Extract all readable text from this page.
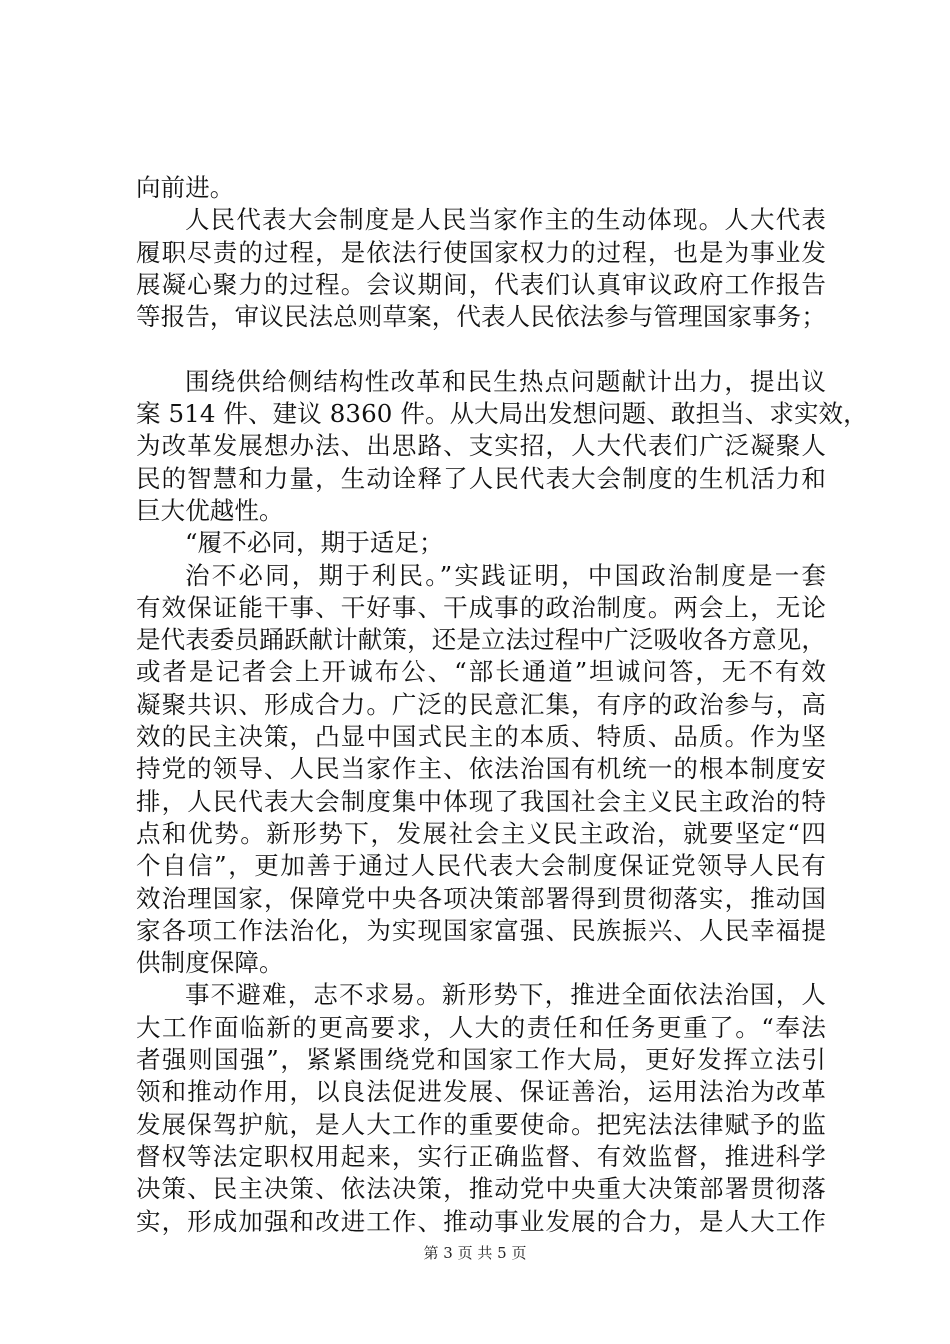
向前进。
人民代表大会制度是人民当家作主的生动体现。人大代表
履职尽责的过程，是依法行使国家权力的过程，也是为事业发
展凝心聚力的过程。会议期间，代表们认真审议政府工作报告
等报告，审议民法总则草案，代表人民依法参与管理国家事务；
围绕供给侧结构性改革和民生热点问题献计出力，提出议
案 514 件、建议 8360 件。从大局出发想问题、敢担当、求实效，
为改革发展想办法、出思路、支实招，人大代表们广泛凝聚人
民的智慧和力量，生动诠释了人民代表大会制度的生机活力和
巨大优越性。
“履不必同，期于适足；
治不必同，期于利民。”实践证明，中国政治制度是一套
有效保证能干事、干好事、干成事的政治制度。两会上，无论
是代表委员踊跃献计献策，还是立法过程中广泛吸收各方意见，
或者是记者会上开诚布公、“部长通道”坦诚问答，无不有效
凝聚共识、形成合力。广泛的民意汇集，有序的政治参与，高
效的民主决策，凸显中国式民主的本质、特质、品质。作为坚
持党的领导、人民当家作主、依法治国有机统一的根本制度安
排，人民代表大会制度集中体现了我国社会主义民主政治的特
点和优势。新形势下，发展社会主义民主政治，就要坚定“四
个自信”，更加善于通过人民代表大会制度保证党领导人民有
效治理国家，保障党中央各项决策部署得到贯彻落实，推动国
家各项工作法治化，为实现国家富强、民族振兴、人民幸福提
供制度保障。
事不避难，志不求易。新形势下，推进全面依法治国，人
大工作面临新的更高要求，人大的责任和任务更重了。“奉法
者强则国强”，紧紧围绕党和国家工作大局，更好发挥立法引
领和推动作用，以良法促进发展、保证善治，运用法治为改革
发展保驾护航，是人大工作的重要使命。把宪法法律赋予的监
督权等法定职权用起来，实行正确监督、有效监督，推进科学
决策、民主决策、依法决策，推动党中央重大决策部署贯彻落
实，形成加强和改进工作、推动事业发展的合力，是人大工作
第 3 页 共 5 页
